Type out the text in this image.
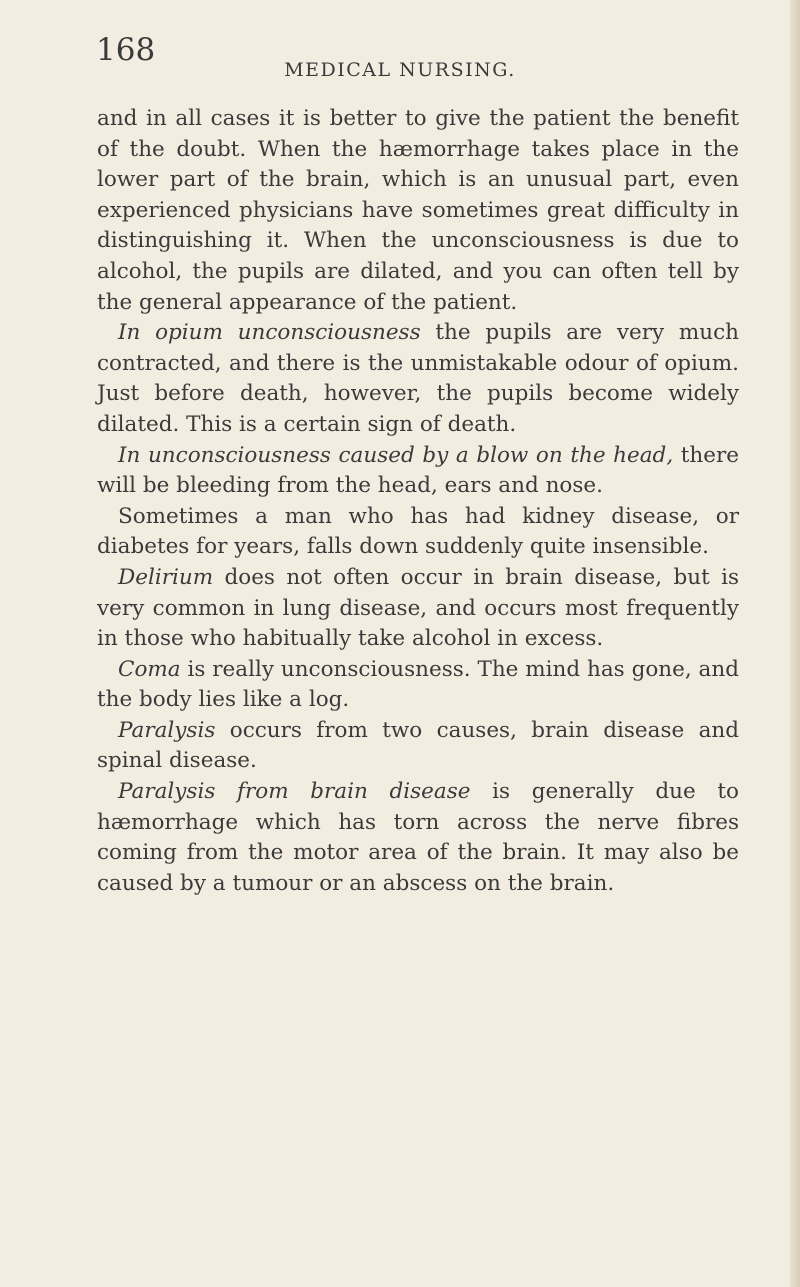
168
MEDICAL NURSING.

and in all cases it is better to give the patient the benefit of the doubt. When the hæmorrhage takes place in the lower part of the brain, which is an unusual part, even experienced physicians have sometimes great difficulty in distinguishing it. When the unconsciousness is due to alcohol, the pupils are dilated, and you can often tell by the general appearance of the patient.

In opium unconsciousness the pupils are very much contracted, and there is the unmistakable odour of opium. Just before death, however, the pupils become widely dilated. This is a certain sign of death.

In unconsciousness caused by a blow on the head, there will be bleeding from the head, ears and nose.

Sometimes a man who has had kidney disease, or diabetes for years, falls down suddenly quite insensible.

Delirium does not often occur in brain disease, but is very common in lung disease, and occurs most frequently in those who habitually take alcohol in excess.

Coma is really unconsciousness. The mind has gone, and the body lies like a log.

Paralysis occurs from two causes, brain disease and spinal disease.

Paralysis from brain disease is generally due to hæmorrhage which has torn across the nerve fibres coming from the motor area of the brain. It may also be caused by a tumour or an abscess on the brain.
